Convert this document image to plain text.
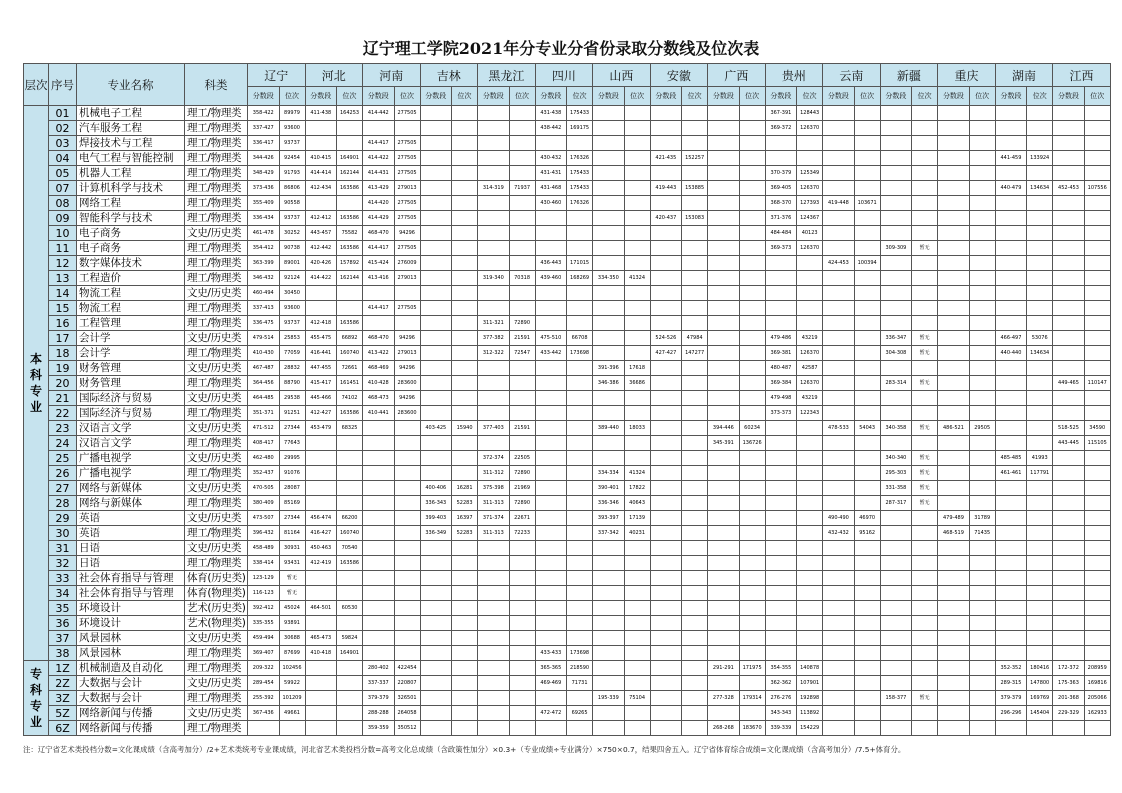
辽宁理工学院2021年分专业分省份录取分数线及位次表
层次	序号	专业名称	科类	辽宁		河北		河南		吉林		黑龙江		四川		山西		安徽		广西		贵州		云南		新疆		重庆		湖南		江西	
				分数段	位次	分数段	位次	分数段	位次	分数段	位次	分数段	位次	分数段	位次	分数段	位次	分数段	位次	分数段	位次	分数段	位次	分数段	位次	分数段	位次	分数段	位次	分数段	位次	分数段	位次
本科专业	01	机械电子工程	理工/物理类	358-422	89979	411-438	164253	414-442	277505					431-438	175433							367-391	128443										
	02	汽车服务工程	理工/物理类	337-427	93600									438-442	169175							369-372	126370										
	03	焊接技术与工程	理工/物理类	336-417	93737			414-417	277505																								
	04	电气工程与智能控制	理工/物理类	344-426	92454	410-415	164901	414-422	277505					430-432	176326			421-435	152257											441-459	133924		
	05	机器人工程	理工/物理类	348-429	91793	414-414	162144	414-431	277505					431-431	175433							370-379	125349										
	07	计算机科学与技术	理工/物理类	373-436	86806	412-434	163586	413-429	279013			314-319	71937	431-468	175433			419-443	153885			369-405	126370							440-479	134634	452-453	107556
	08	网络工程	理工/物理类	355-409	90558			414-420	277505					430-460	176326							368-370	127393	419-448	103671								
	09	智能科学与技术	理工/物理类	336-434	93737	412-412	163586	414-429	277505									420-437	153083			371-376	124367										
	10	电子商务	文史/历史类	461-478	30252	443-457	75582	468-470	94296													484-484	40123										
	11	电子商务	理工/物理类	354-412	90738	412-442	163586	414-417	277505													369-373	126370			309-309	暂无						
	12	数字媒体技术	理工/物理类	363-399	89001	420-426	157892	415-424	276009					436-443	171015									424-453	100394								
	13	工程造价	理工/物理类	346-432	92124	414-422	162144	413-416	279013			319-340	70318	439-460	168269	334-350	41324																
	14	物流工程	文史/历史类	460-494	30450																												
	15	物流工程	理工/物理类	337-413	93600			414-417	277505																								
	16	工程管理	理工/物理类	336-475	93737	412-418	163586					311-321	72890																				
	17	会计学	文史/历史类	479-514	25853	455-475	66892	468-470	94296			377-382	21591	475-510	66708			524-526	47984			479-486	43219			336-347	暂无			466-497	53076		
	18	会计学	理工/物理类	410-430	77059	416-441	160740	413-422	279013			312-322	72547	433-442	173698			427-427	147277			369-381	126370			304-308	暂无			440-440	134634		
	19	财务管理	文史/历史类	467-487	28832	447-455	72661	468-469	94296							391-396	17618					480-487	42587										
	20	财务管理	理工/物理类	364-456	88790	415-417	161451	410-428	283600							346-386	36686					369-384	126370			283-314	暂无					449-465	110147
	21	国际经济与贸易	文史/历史类	464-485	29538	445-466	74102	468-473	94296													479-498	43219										
	22	国际经济与贸易	理工/物理类	351-371	91251	412-427	163586	410-441	283600													373-373	122343										
	23	汉语言文学	文史/历史类	471-512	27344	453-479	68325			403-425	15940	377-403	21591			389-440	18033			394-446	60234			478-533	54043	340-358	暂无	486-521	29505			518-525	34590
	24	汉语言文学	理工/物理类	408-417	77643															345-391	136726											443-445	115105
	25	广播电视学	文史/历史类	462-480	29995							372-374	22505													340-340	暂无			485-485	41993		
	26	广播电视学	理工/物理类	352-437	91076							311-312	72890			334-334	41324									295-303	暂无			461-461	117791		
	27	网络与新媒体	文史/历史类	470-505	28087					400-406	16281	375-398	21969			390-401	17822									331-358	暂无						
	28	网络与新媒体	理工/物理类	380-409	85169					336-343	52283	311-313	72890			336-346	40643									287-317	暂无						
	29	英语	文史/历史类	473-507	27344	456-474	66200			399-403	16397	371-374	22671			393-397	17139							490-490	46970			479-489	31789				
	30	英语	理工/物理类	396-432	81164	416-427	160740			336-349	52283	311-313	72233			337-342	40231							432-432	95162			468-519	71435				
	31	日语	文史/历史类	458-489	30931	450-463	70540																										
	32	日语	理工/物理类	338-414	93431	412-419	163586																										
	33	社会体育指导与管理	体育(历史类)	123-129	暂无																												
	34	社会体育指导与管理	体育(物理类)	116-123	暂无																												
	35	环境设计	艺术(历史类)	392-412	45024	464-501	60530																										
	36	环境设计	艺术(物理类)	335-355	93891																												
	37	风景园林	文史/历史类	459-494	30688	465-473	59824																										
	38	风景园林	理工/物理类	369-407	87699	410-418	164901							433-433	173698																		
专科专业	1Z	机械制造及自动化	理工/物理类	209-322	102456			280-402	422454					365-365	218590					291-291	171975	354-355	140878							352-352	180416	172-372	208959
	2Z	大数据与会计	文史/历史类	289-454	59922			337-337	220807					469-469	71731							362-362	107901							289-315	147800	175-363	169816
	3Z	大数据与会计	理工/物理类	255-392	101209			379-379	326501							195-339	75104			277-328	179314	276-276	192898			158-377	暂无			379-379	169769	201-368	205066
	5Z	网络新闻与传播	文史/历史类	367-436	49661			288-288	264058					472-472	69265							343-343	113892							296-296	145404	229-329	162933
	6Z	网络新闻与传播	理工/物理类					359-359	350512											268-268	183670	339-339	154229										
注：辽宁省艺术类投档分数=文化课成绩（含高考加分）/2+艺术类统考专业课成绩，河北省艺术类投档分数=高考文化总成绩（含政策性加分）×0.3+（专业成绩÷专业满分）×750×0.7，结果四舍五入。辽宁省体育综合成绩=文化课成绩（含高考加分）/7.5+体育分。
